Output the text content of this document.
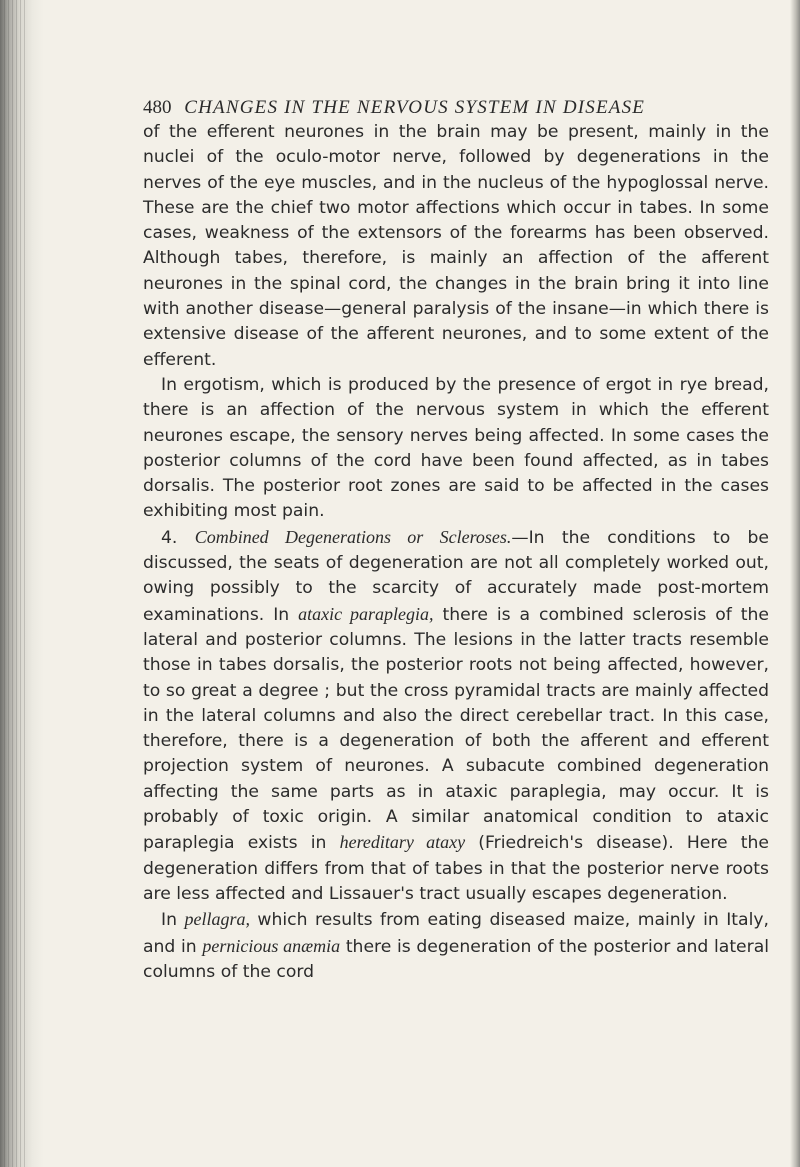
480 CHANGES IN THE NERVOUS SYSTEM IN DISEASE

of the efferent neurones in the brain may be present, mainly in the nuclei of the oculo-motor nerve, followed by degenerations in the nerves of the eye muscles, and in the nucleus of the hypoglossal nerve. These are the chief two motor affections which occur in tabes. In some cases, weakness of the extensors of the forearms has been observed. Although tabes, therefore, is mainly an affection of the afferent neurones in the spinal cord, the changes in the brain bring it into line with another disease—general paralysis of the insane—in which there is extensive disease of the afferent neurones, and to some extent of the efferent.

In ergotism, which is produced by the presence of ergot in rye bread, there is an affection of the nervous system in which the efferent neurones escape, the sensory nerves being affected. In some cases the posterior columns of the cord have been found affected, as in tabes dorsalis. The posterior root zones are said to be affected in the cases exhibiting most pain.

4. Combined Degenerations or Scleroses.—In the conditions to be discussed, the seats of degeneration are not all completely worked out, owing possibly to the scarcity of accurately made post-mortem examinations. In ataxic paraplegia, there is a combined sclerosis of the lateral and posterior columns. The lesions in the latter tracts resemble those in tabes dorsalis, the posterior roots not being affected, however, to so great a degree ; but the cross pyramidal tracts are mainly affected in the lateral columns and also the direct cerebellar tract. In this case, therefore, there is a degeneration of both the afferent and efferent projection system of neurones. A subacute combined degeneration affecting the same parts as in ataxic paraplegia, may occur. It is probably of toxic origin. A similar anatomical condition to ataxic paraplegia exists in hereditary ataxy (Friedreich's disease). Here the degeneration differs from that of tabes in that the posterior nerve roots are less affected and Lissauer's tract usually escapes degeneration.

In pellagra, which results from eating diseased maize, mainly in Italy, and in pernicious anæmia there is degeneration of the posterior and lateral columns of the cord
